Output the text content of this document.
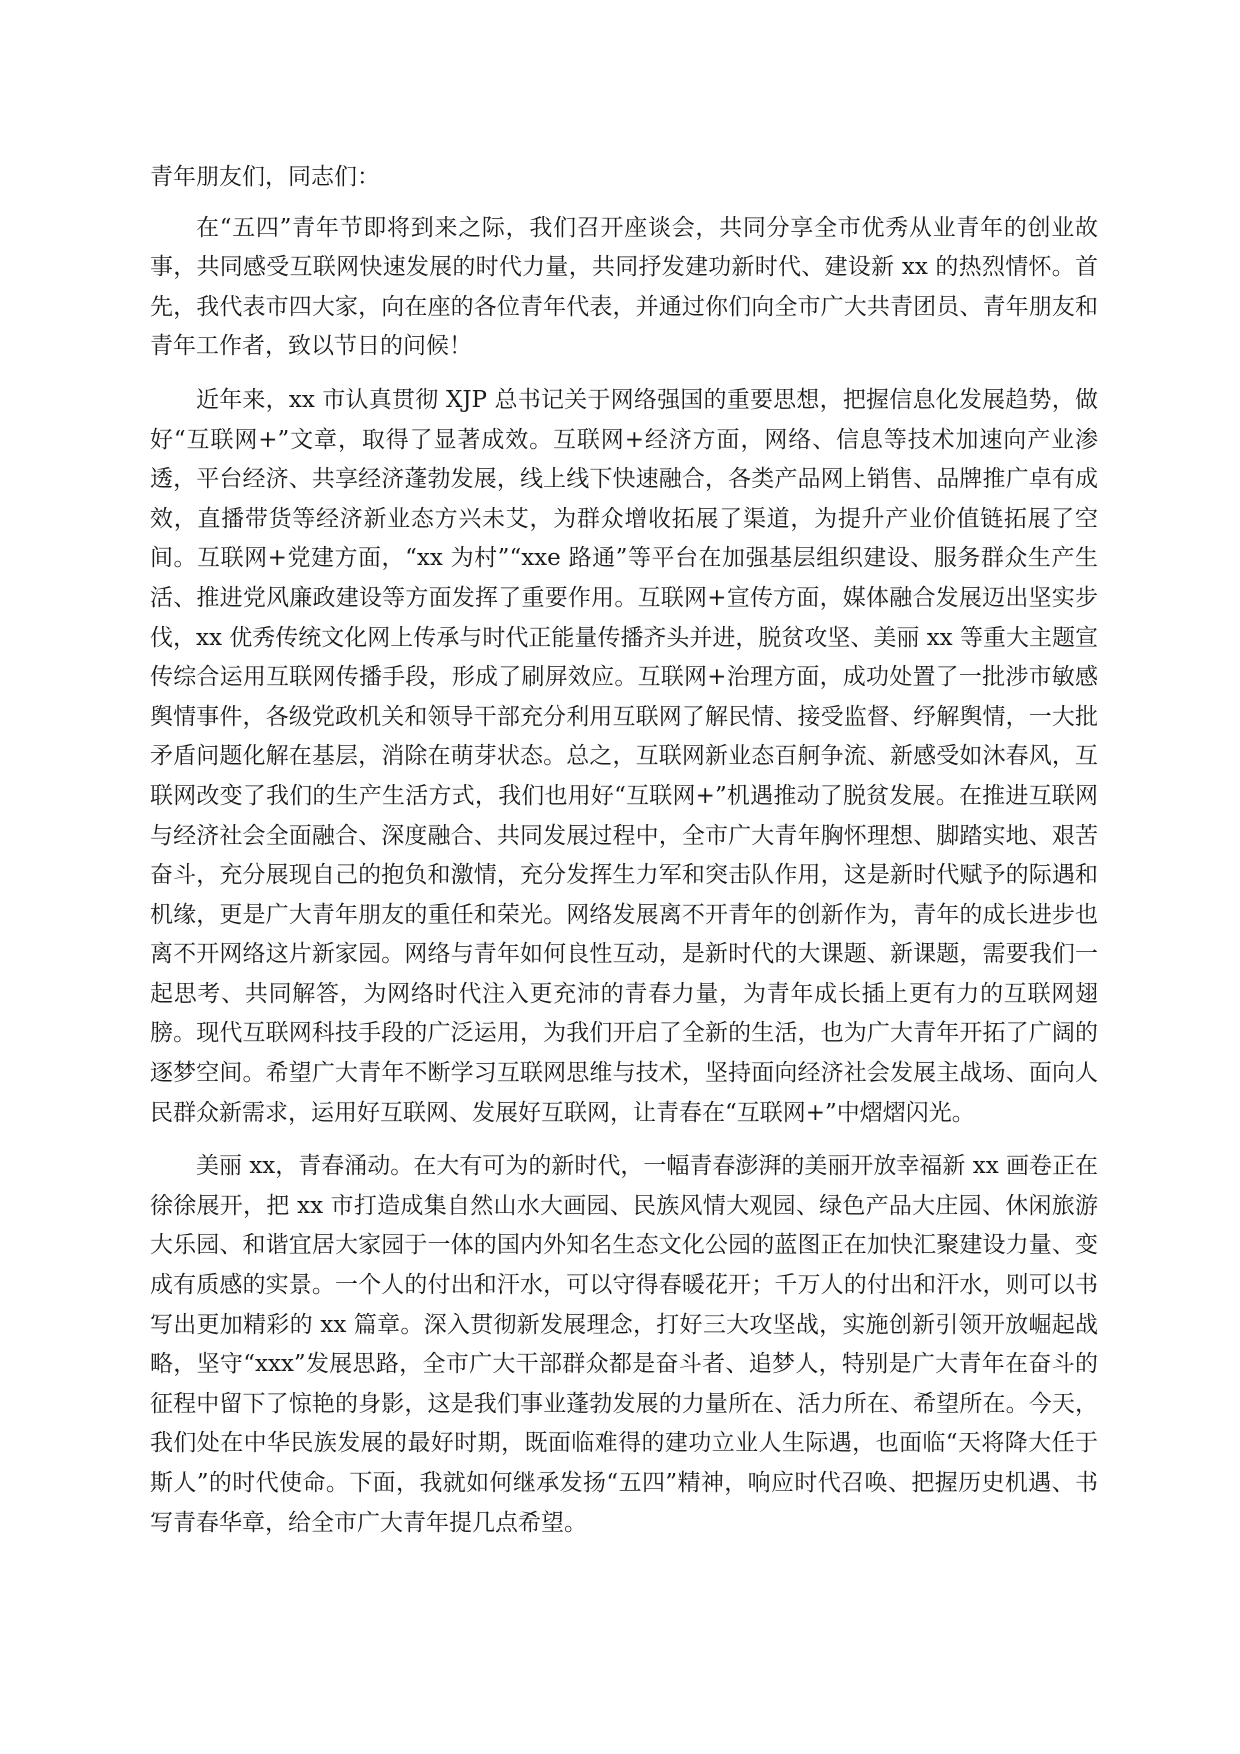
青年朋友们，同志们：

在“五四”青年节即将到来之际，我们召开座谈会，共同分享全市优秀从业青年的创业故事，共同感受互联网快速发展的时代力量，共同抒发建功新时代、建设新 xx 的热烈情怀。首先，我代表市四大家，向在座的各位青年代表，并通过你们向全市广大共青团员、青年朋友和青年工作者，致以节日的问候！

近年来，xx 市认真贯彻 XJP 总书记关于网络强国的重要思想，把握信息化发展趋势，做好“互联网+”文章，取得了显著成效。互联网+经济方面，网络、信息等技术加速向产业渗透，平台经济、共享经济蓬勃发展，线上线下快速融合，各类产品网上销售、品牌推广卓有成效，直播带货等经济新业态方兴未艾，为群众增收拓展了渠道，为提升产业价值链拓展了空间。互联网+党建方面，“xx 为村”“xxe 路通”等平台在加强基层组织建设、服务群众生产生活、推进党风廉政建设等方面发挥了重要作用。互联网+宣传方面，媒体融合发展迈出坚实步伐，xx 优秀传统文化网上传承与时代正能量传播齐头并进，脱贫攻坚、美丽 xx 等重大主题宣传综合运用互联网传播手段，形成了刷屏效应。互联网+治理方面，成功处置了一批涉市敏感舆情事件，各级党政机关和领导干部充分利用互联网了解民情、接受监督、纾解舆情，一大批矛盾问题化解在基层，消除在萌芽状态。总之，互联网新业态百舸争流、新感受如沐春风，互联网改变了我们的生产生活方式，我们也用好“互联网+”机遇推动了脱贫发展。在推进互联网与经济社会全面融合、深度融合、共同发展过程中，全市广大青年胸怀理想、脚踏实地、艰苦奋斗，充分展现自己的抱负和激情，充分发挥生力军和突击队作用，这是新时代赋予的际遇和机缘，更是广大青年朋友的重任和荣光。网络发展离不开青年的创新作为，青年的成长进步也离不开网络这片新家园。网络与青年如何良性互动，是新时代的大课题、新课题，需要我们一起思考、共同解答，为网络时代注入更充沛的青春力量，为青年成长插上更有力的互联网翅膀。现代互联网科技手段的广泛运用，为我们开启了全新的生活，也为广大青年开拓了广阔的逐梦空间。希望广大青年不断学习互联网思维与技术，坚持面向经济社会发展主战场、面向人民群众新需求，运用好互联网、发展好互联网，让青春在“互联网+”中熠熠闪光。

美丽 xx，青春涌动。在大有可为的新时代，一幅青春澎湃的美丽开放幸福新 xx 画卷正在徐徐展开，把 xx 市打造成集自然山水大画园、民族风情大观园、绿色产品大庄园、休闲旅游大乐园、和谐宜居大家园于一体的国内外知名生态文化公园的蓝图正在加快汇聚建设力量、变成有质感的实景。一个人的付出和汗水，可以守得春暖花开；千万人的付出和汗水，则可以书写出更加精彩的 xx 篇章。深入贯彻新发展理念，打好三大攻坚战，实施创新引领开放崛起战略，坚守“xxx”发展思路，全市广大干部群众都是奋斗者、追梦人，特别是广大青年在奋斗的征程中留下了惊艳的身影，这是我们事业蓬勃发展的力量所在、活力所在、希望所在。今天，我们处在中华民族发展的最好时期，既面临难得的建功立业人生际遇，也面临“天将降大任于斯人”的时代使命。下面，我就如何继承发扬“五四”精神，响应时代召唤、把握历史机遇、书写青春华章，给全市广大青年提几点希望。
